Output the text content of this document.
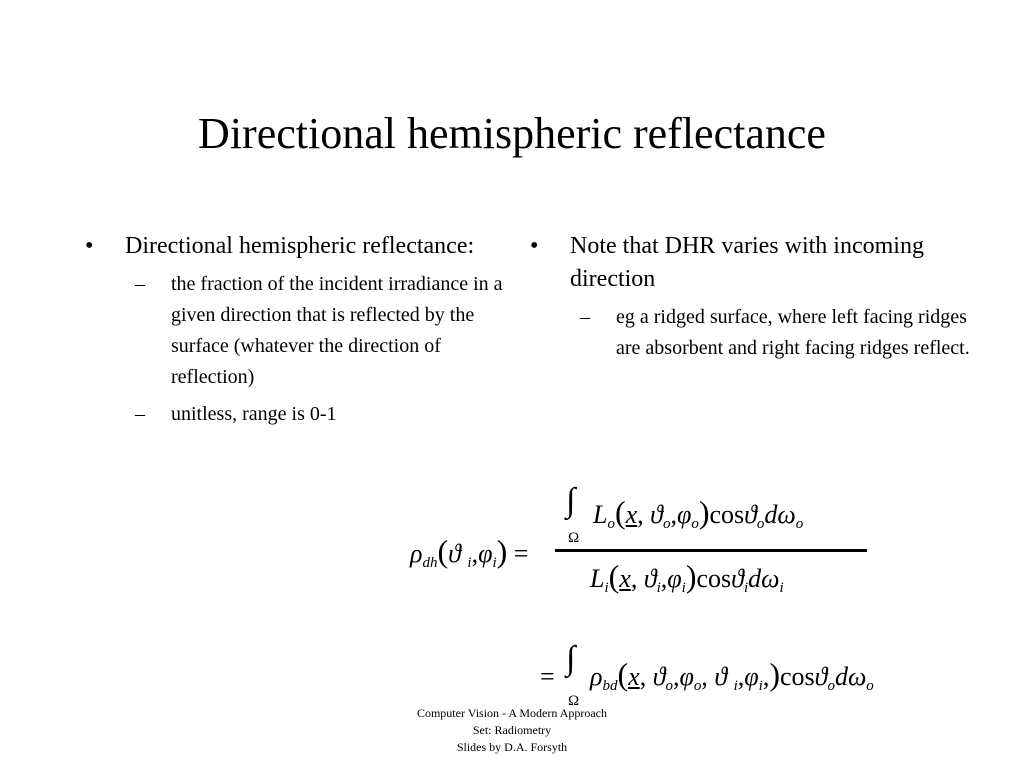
Directional hemispheric reflectance
• Directional hemispheric reflectance:
– the fraction of the incident irradiance in a given direction that is reflected by the surface (whatever the direction of reflection)
– unitless, range is 0-1
• Note that DHR varies with incoming direction
– eg a ridged surface, where left facing ridges are absorbent and right facing ridges reflect.
ρdh(ϑ i,φi) =
∫
Ω
Lo(x, ϑo,φo)cosϑodωo
Li(x, ϑi,φi)cosϑidωi
= ∫
Ω
ρbd(x, ϑo,φo, ϑ i,φi,)cosϑodωo
Computer Vision - A Modern Approach
Set: Radiometry
Slides by D.A. Forsyth
